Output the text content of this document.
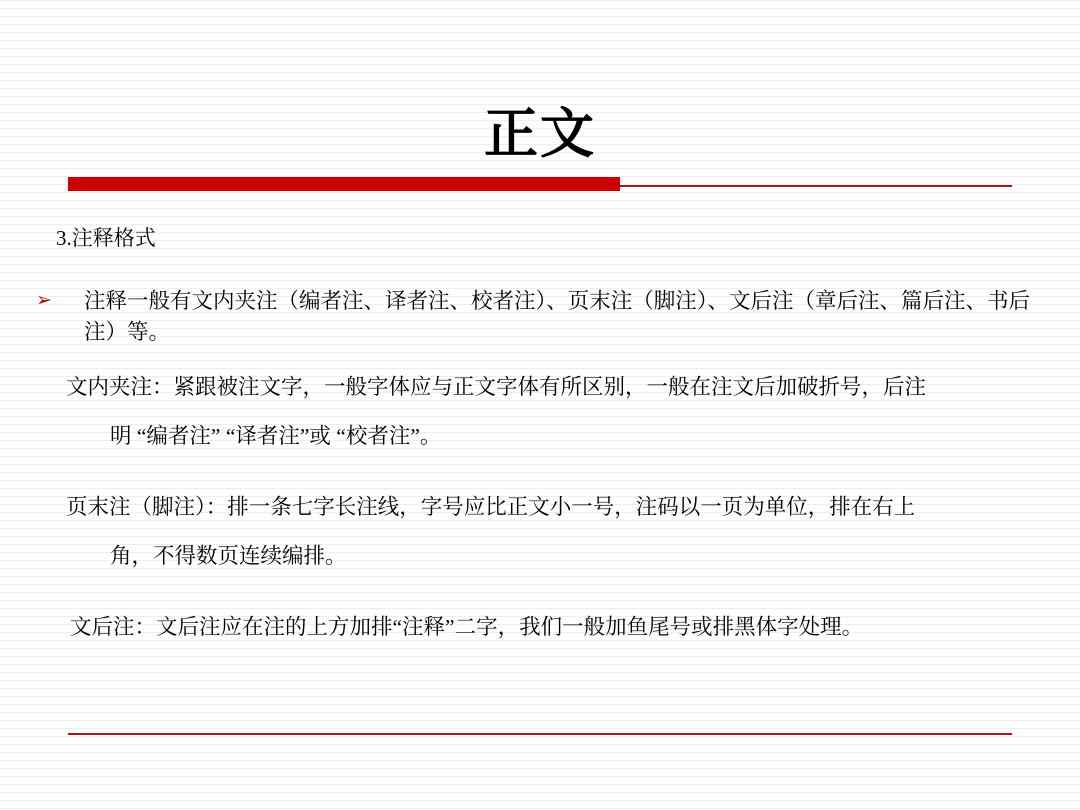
正文
3.注释格式
➢	注释一般有文内夹注（编者注、译者注、校者注）、页末注（脚注）、文后注（章后注、篇后注、书后注）等。
文内夹注：紧跟被注文字，一般字体应与正文字体有所区别，一般在注文后加破折号，后注
明 “编者注” “译者注”或 “校者注”。
页末注（脚注）：排一条七字长注线，字号应比正文小一号，注码以一页为单位，排在右上
角，不得数页连续编排。
文后注：文后注应在注的上方加排“注释”二字，我们一般加鱼尾号或排黑体字处理。
